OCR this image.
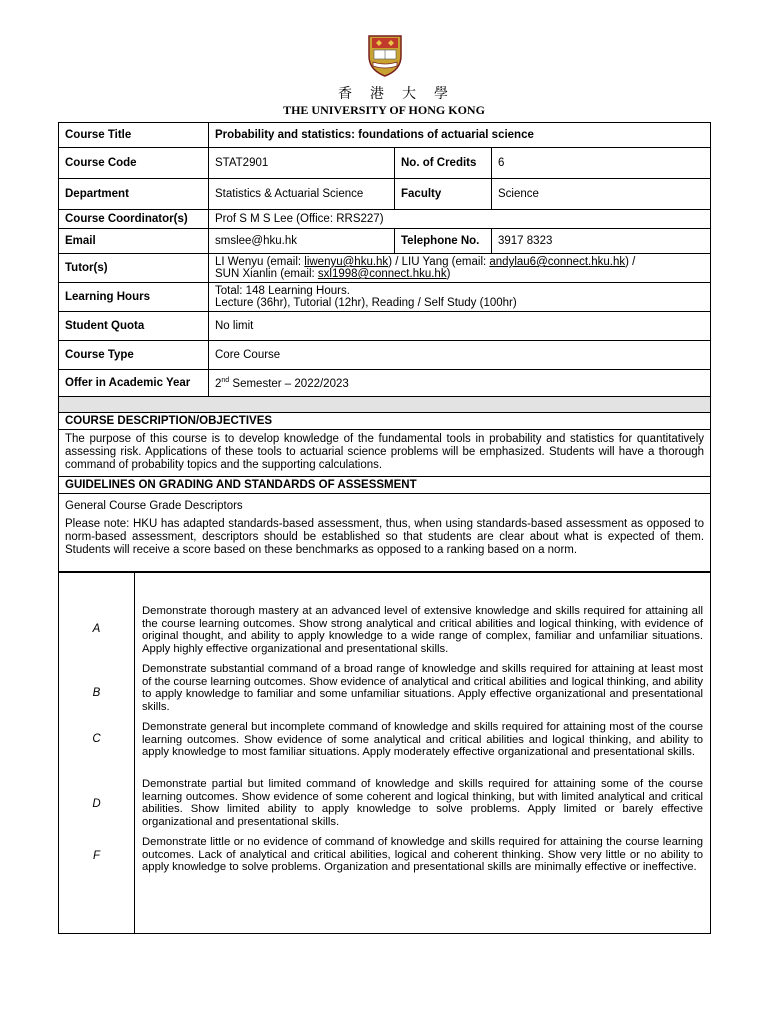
香港大學
THE UNIVERSITY OF HONG KONG
Course Title	Probability and statistics: foundations of actuarial science		
Course Code	STAT2901	No. of Credits	6
Department	Statistics & Actuarial Science	Faculty	Science
Course Coordinator(s)	Prof S M S Lee (Office: RRS227)		
Email	smslee@hku.hk	Telephone No.	3917 8323
Tutor(s)	LI Wenyu (email: liwenyu@hku.hk) / LIU Yang (email: andylau6@connect.hku.hk) /
SUN Xianlin (email: sxl1998@connect.hku.hk)		
Learning Hours	Total: 148 Learning Hours.
Lecture (36hr), Tutorial (12hr), Reading / Self Study (100hr)		
Student Quota	No limit		
Course Type	Core Course		
Offer in Academic Year	2nd Semester – 2022/2023		

COURSE DESCRIPTION/OBJECTIVES			
The purpose of this course is to develop knowledge of the fundamental tools in probability and statistics for quantitatively assessing risk. Applications of these tools to actuarial science problems will be emphasized. Students will have a thorough command of probability topics and the supporting calculations.			
GUIDELINES ON GRADING AND STANDARDS OF ASSESSMENT			

General Course Grade Descriptors
Please note: HKU has adapted standards-based assessment, thus, when using standards-based assessment as opposed to norm-based assessment, descriptors should be established so that students are clear about what is expected of them. Students will receive a score based on these benchmarks as opposed to a ranking based on a norm.			
A
Demonstrate thorough mastery at an advanced level of extensive knowledge and skills required for attaining all the course learning outcomes. Show strong analytical and critical abilities and logical thinking, with evidence of original thought, and ability to apply knowledge to a wide range of complex, familiar and unfamiliar situations. Apply highly effective organizational and presentational skills.
B
Demonstrate substantial command of a broad range of knowledge and skills required for attaining at least most of the course learning outcomes. Show evidence of analytical and critical abilities and logical thinking, and ability to apply knowledge to familiar and some unfamiliar situations. Apply effective organizational and presentational skills.
C
Demonstrate general but incomplete command of knowledge and skills required for attaining most of the course learning outcomes. Show evidence of some analytical and critical abilities and logical thinking, and ability to apply knowledge to most familiar situations. Apply moderately effective organizational and presentational skills.
D
Demonstrate partial but limited command of knowledge and skills required for attaining some of the course learning outcomes. Show evidence of some coherent and logical thinking, but with limited analytical and critical abilities. Show limited ability to apply knowledge to solve problems. Apply limited or barely effective organizational and presentational skills.
F
Demonstrate little or no evidence of command of knowledge and skills required for attaining the course learning outcomes. Lack of analytical and critical abilities, logical and coherent thinking. Show very little or no ability to apply knowledge to solve problems. Organization and presentational skills are minimally effective or ineffective.
